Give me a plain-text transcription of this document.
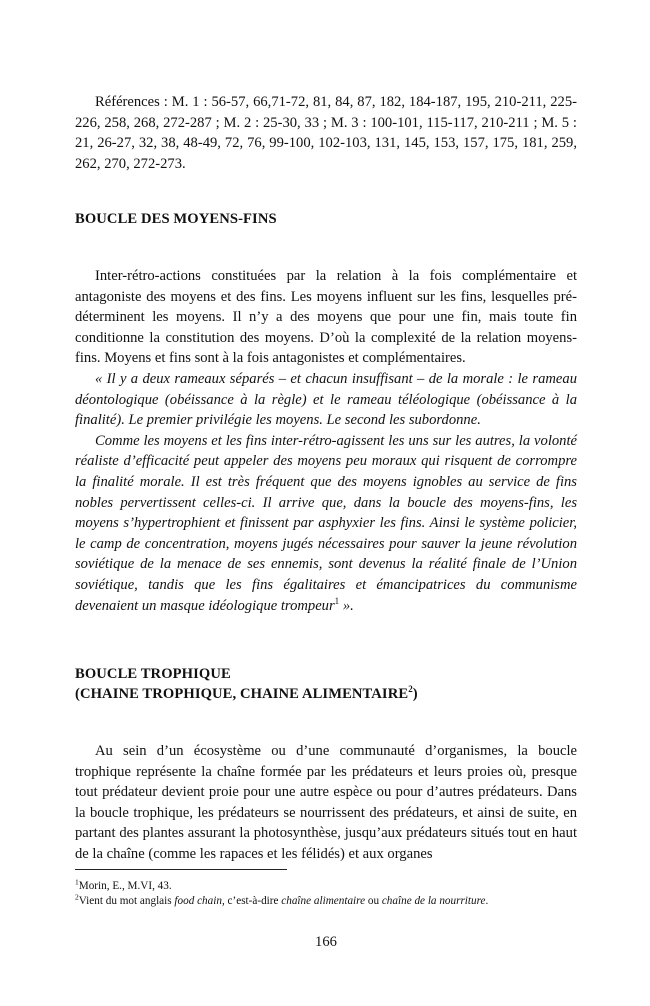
Références : M. 1 : 56-57, 66,71-72, 81, 84, 87, 182, 184-187, 195, 210-211, 225-226, 258, 268, 272-287 ; M. 2 : 25-30, 33 ; M. 3 : 100-101, 115-117, 210-211 ; M. 5 : 21, 26-27, 32, 38, 48-49, 72, 76, 99-100, 102-103, 131, 145, 153, 157, 175, 181, 259, 262, 270, 272-273.

BOUCLE DES MOYENS-FINS

Inter-rétro-actions constituées par la relation à la fois complémentaire et antagoniste des moyens et des fins. Les moyens influent sur les fins, lesquelles pré-déterminent les moyens. Il n’y a des moyens que pour une fin, mais toute fin conditionne la constitution des moyens. D’où la complexité de la relation moyens-fins. Moyens et fins sont à la fois antagonistes et complémentaires.

« Il y a deux rameaux séparés – et chacun insuffisant – de la morale : le rameau déontologique (obéissance à la règle) et le rameau téléologique (obéissance à la finalité). Le premier privilégie les moyens. Le second les subordonne.

Comme les moyens et les fins inter-rétro-agissent les uns sur les autres, la volonté réaliste d’efficacité peut appeler des moyens peu moraux qui risquent de corrompre la finalité morale. Il est très fréquent que des moyens ignobles au service de fins nobles pervertissent celles-ci. Il arrive que, dans la boucle des moyens-fins, les moyens s’hypertrophient et finissent par asphyxier les fins. Ainsi le système policier, le camp de concentration, moyens jugés nécessaires pour sauver la jeune révolution soviétique de la menace de ses ennemis, sont devenus la réalité finale de l’Union soviétique, tandis que les fins égalitaires et émancipatrices du communisme devenaient un masque idéologique trompeur$^1$ ».

BOUCLE TROPHIQUE
(CHAINE TROPHIQUE, CHAINE ALIMENTAIRE$^2$)

Au sein d’un écosystème ou d’une communauté d’organismes, la boucle trophique représente la chaîne formée par les prédateurs et leurs proies où, presque tout prédateur devient proie pour une autre espèce ou pour d’autres prédateurs. Dans la boucle trophique, les prédateurs se nourrissent des prédateurs, et ainsi de suite, en partant des plantes assurant la photosynthèse, jusqu’aux prédateurs situés tout en haut de la chaîne (comme les rapaces et les félidés) et aux organes

$^1$Morin, E., M.VI, 43.

$^2$Vient du mot anglais food chain, c’est-à-dire chaîne alimentaire ou chaîne de la nourriture.

166
